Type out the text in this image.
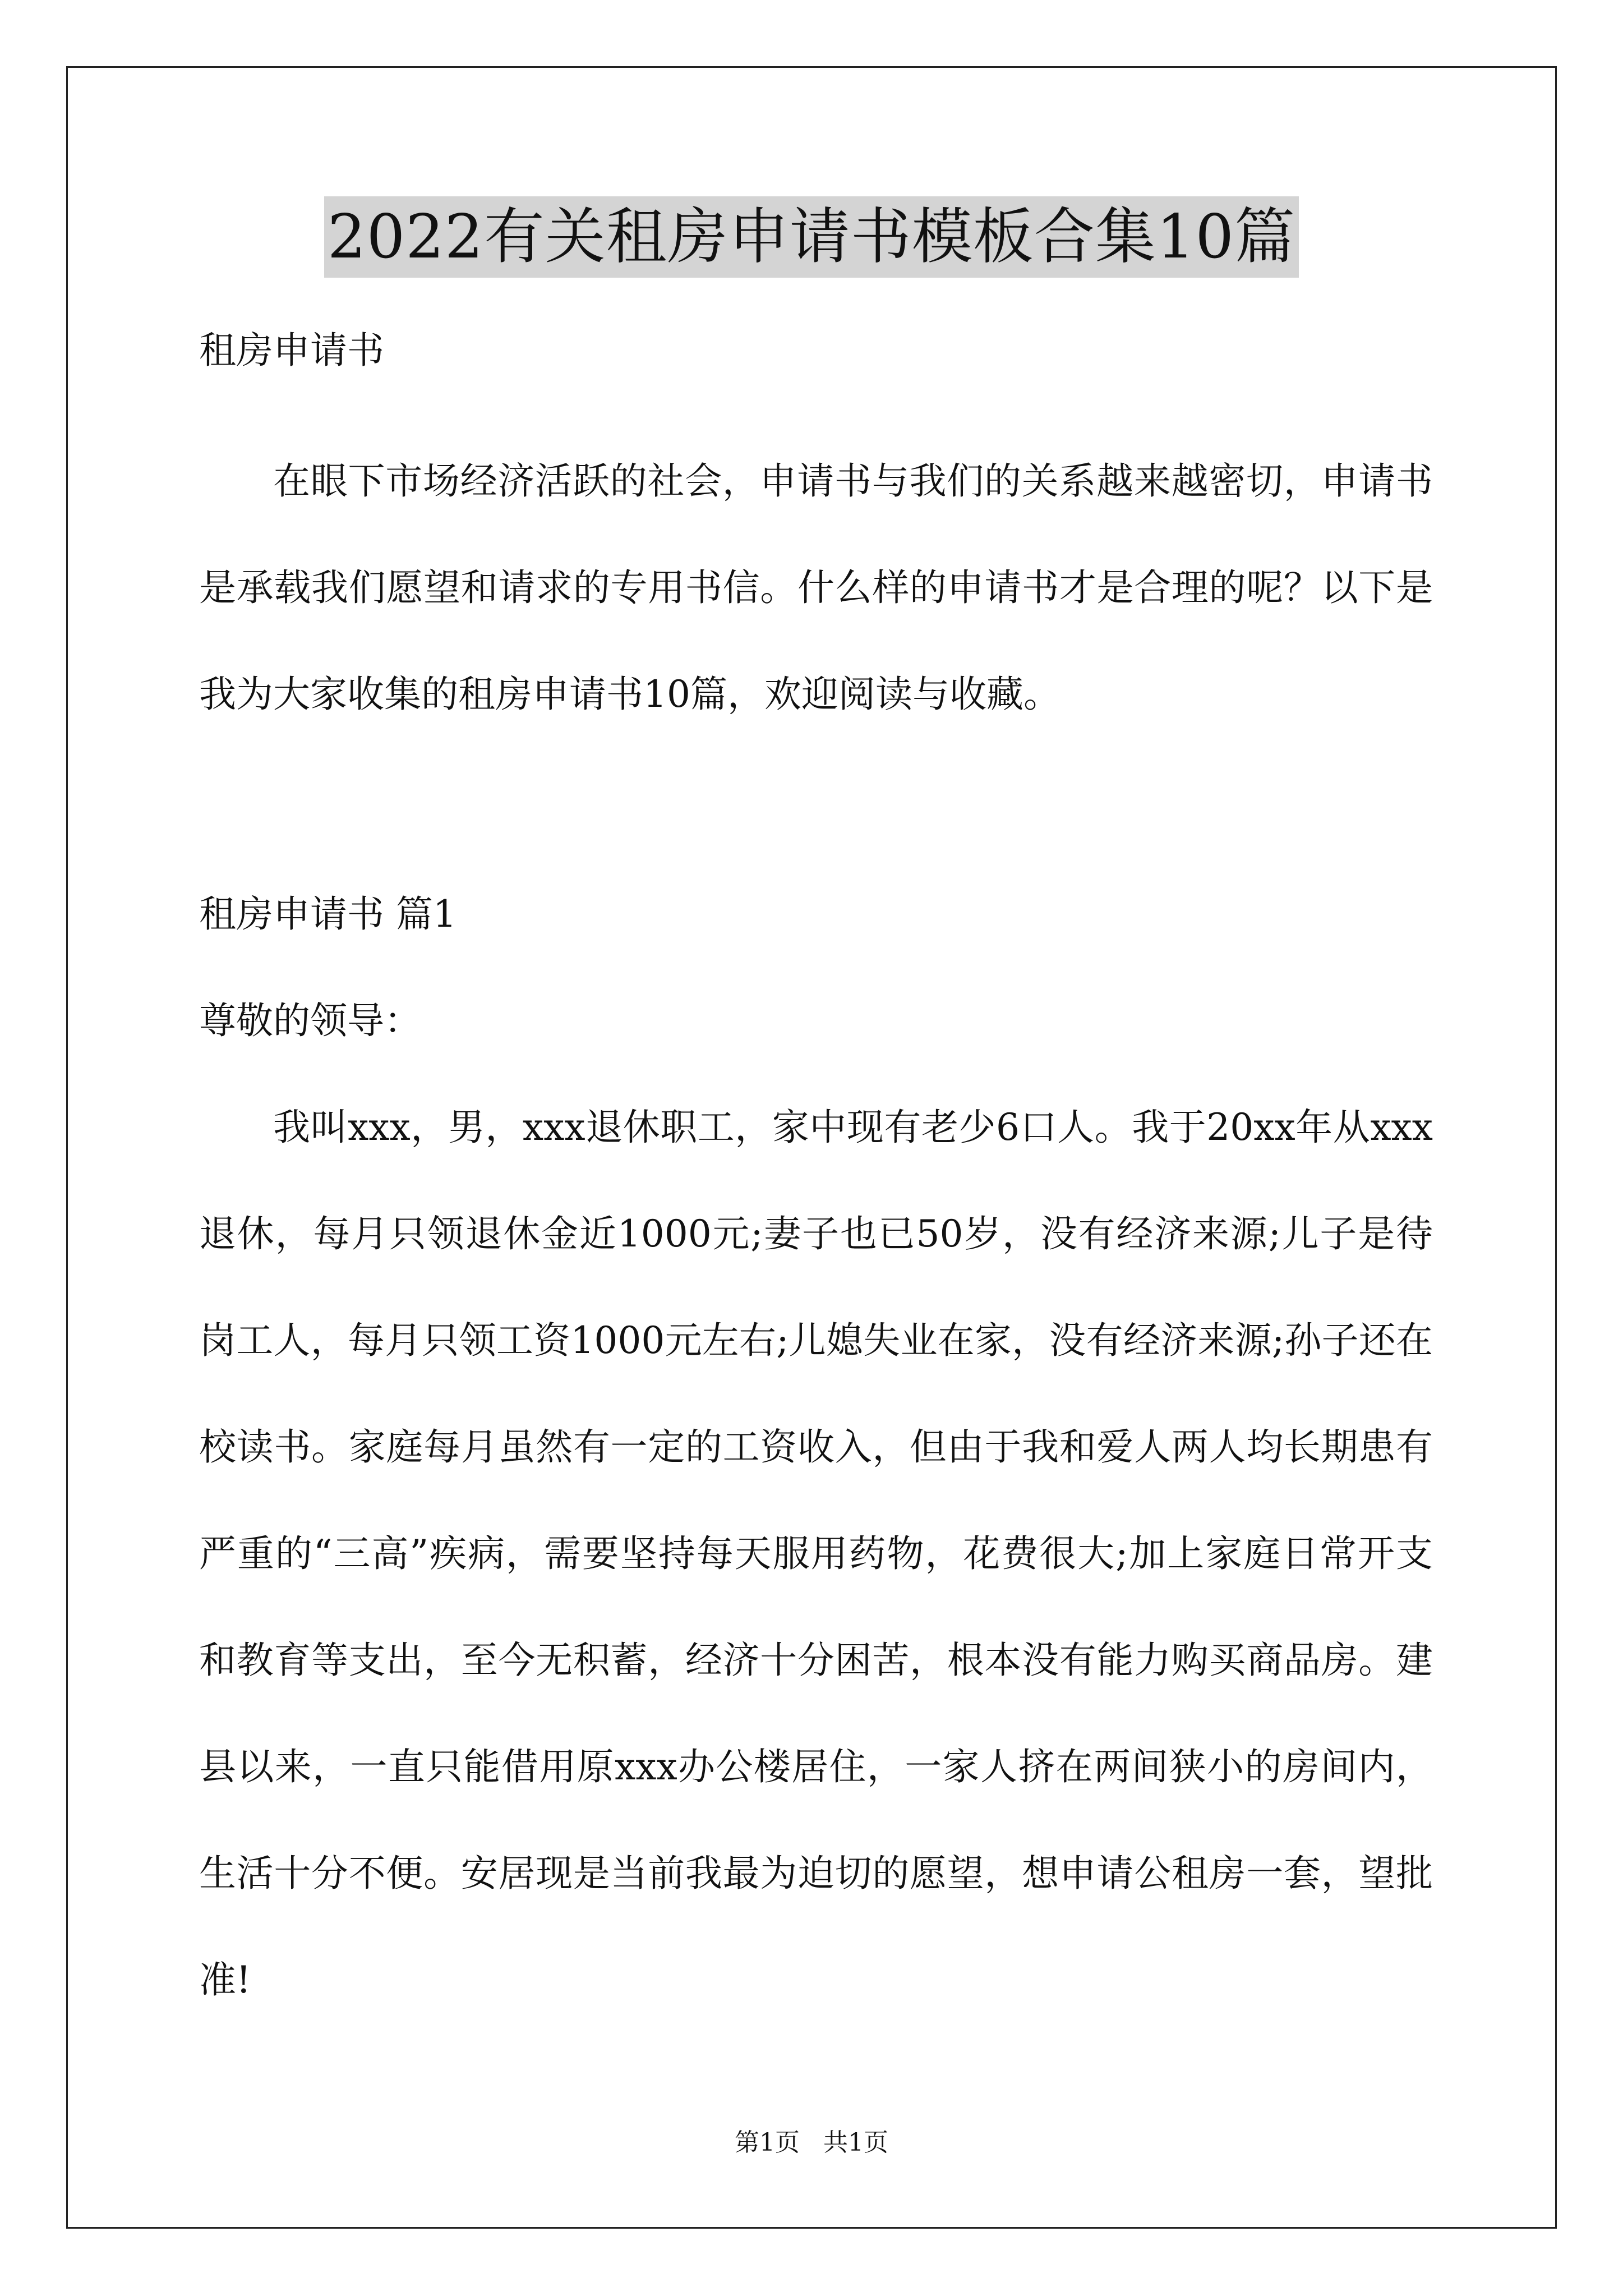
2022有关租房申请书模板合集10篇
租房申请书

在眼下市场经济活跃的社会，申请书与我们的关系越来越密切，申请书是承载我们愿望和请求的专用书信。什么样的申请书才是合理的呢？以下是我为大家收集的租房申请书10篇，欢迎阅读与收藏。

租房申请书 篇1
尊敬的领导：

我叫xxx，男，xxx退休职工，家中现有老少6口人。我于20xx年从xxx退休，每月只领退休金近1000元;妻子也已50岁，没有经济来源;儿子是待岗工人，每月只领工资1000元左右;儿媳失业在家，没有经济来源;孙子还在校读书。家庭每月虽然有一定的工资收入，但由于我和爱人两人均长期患有严重的“三高”疾病，需要坚持每天服用药物，花费很大;加上家庭日常开支和教育等支出，至今无积蓄，经济十分困苦，根本没有能力购买商品房。建县以来，一直只能借用原xxx办公楼居住，一家人挤在两间狭小的房间内，生活十分不便。安居现是当前我最为迫切的愿望，想申请公租房一套，望批准!

第1页   共1页
